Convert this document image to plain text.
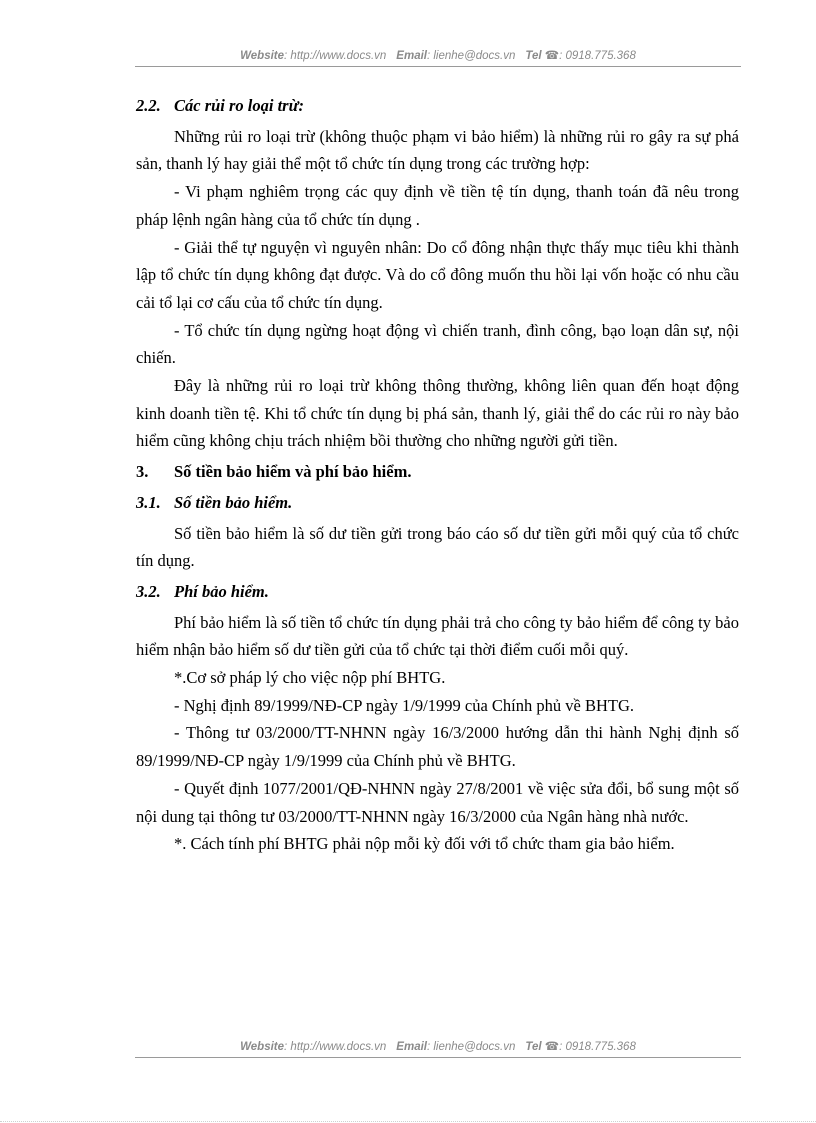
Website: http://www.docs.vn Email: lienhe@docs.vn Tel ☎: 0918.775.368

2.2. Các rủi ro loại trừ:

Những rủi ro loại trừ (không thuộc phạm vi bảo hiểm) là những rủi ro gây ra sự phá sản, thanh lý hay giải thể một tổ chức tín dụng trong các trường hợp:

- Vi phạm nghiêm trọng các quy định về tiền tệ tín dụng, thanh toán đã nêu trong pháp lệnh ngân hàng của tổ chức tín dụng .

- Giải thể tự nguyện vì nguyên nhân: Do cổ đông nhận thực thấy mục tiêu khi thành lập tổ chức tín dụng không đạt được. Và do cổ đông muốn thu hồi lại vốn hoặc có nhu cầu cải tổ lại cơ cấu của tổ chức tín dụng.

- Tổ chức tín dụng ngừng hoạt động vì chiến tranh, đình công, bạo loạn dân sự, nội chiến.

Đây là những rủi ro loại trừ không thông thường, không liên quan đến hoạt động kinh doanh tiền tệ. Khi tổ chức tín dụng bị phá sản, thanh lý, giải thể do các rủi ro này bảo hiểm cũng không chịu trách nhiệm bồi thường cho những người gửi tiền.

3. Số tiền bảo hiểm và phí bảo hiểm.

3.1. Số tiền bảo hiểm.

Số tiền bảo hiểm là số dư tiền gửi trong báo cáo số dư tiền gửi mỗi quý của tổ chức tín dụng.

3.2. Phí bảo hiểm.

Phí bảo hiểm là số tiền tổ chức tín dụng phải trả cho công ty bảo hiểm để công ty bảo hiểm nhận bảo hiểm số dư tiền gửi của tổ chức tại thời điểm cuối mỗi quý.

*.Cơ sở pháp lý cho việc nộp phí BHTG.

- Nghị định 89/1999/NĐ-CP ngày 1/9/1999 của Chính phủ về BHTG.

- Thông tư 03/2000/TT-NHNN ngày 16/3/2000 hướng dẫn thi hành Nghị định số 89/1999/NĐ-CP ngày 1/9/1999 của Chính phủ về BHTG.

- Quyết định 1077/2001/QĐ-NHNN ngày 27/8/2001 về việc sửa đổi, bổ sung một số nội dung tại thông tư 03/2000/TT-NHNN ngày 16/3/2000 của Ngân hàng nhà nước.

*. Cách tính phí BHTG phải nộp mỗi kỳ đối với tổ chức tham gia bảo hiểm.

Website: http://www.docs.vn Email: lienhe@docs.vn Tel ☎: 0918.775.368
